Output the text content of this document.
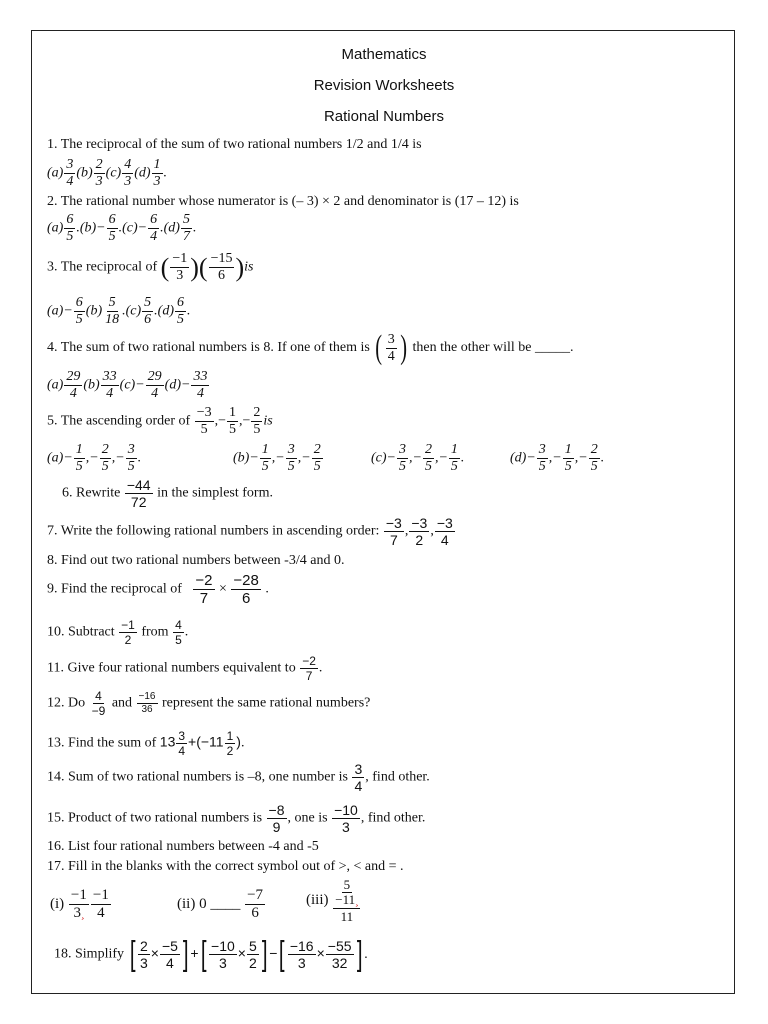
Mathematics
Revision Worksheets
Rational Numbers
1. The reciprocal of the sum of two rational numbers 1/2 and 1/4 is
$(a) \frac{3}{4} (b) \frac{2}{3} (c) \frac{4}{3} (d) \frac{1}{3}$ .
2. The rational number whose numerator is (– 3) × 2 and denominator is (17 – 12) is
$(a) \frac{6}{5} .(b)- \frac{6}{5} .(c)- \frac{6}{4} .(d) \frac{5}{7}$ .
3. The reciprocal of ( $\frac{-1}{3}$ )( $\frac{-15}{6} )is$
$(a)- \frac{6}{5} (b) \frac{5}{18} .(c) \frac{5}{6} .(d) \frac{6}{5}$ .
4. The sum of two rational numbers is 8. If one of them is ( $\frac{3}{4}$ ) then the other will be _____.
$(a) \frac{29}{4} (b) \frac{33}{4} (c)- \frac{29}{4} (d)- \frac{33}{4}$
5. The ascending order of $\frac{-3}{5}$ ,− $\frac{1}{5}$ ,− $\frac{2}{5}$ is
$(a)- \frac{1}{5}$ ,− $\frac{2}{5}$ ,− $\frac{3}{5}$ .	$(b)- \frac{1}{5}$ ,− $\frac{3}{5}$ ,− $\frac{2}{5}$	$(c)- \frac{3}{5}$ ,− $\frac{2}{5}$ ,− $\frac{1}{5}$ .	$(d)- \frac{3}{5}$ ,− $\frac{1}{5}$ ,− $\frac{2}{5}$ .
6. Rewrite $\frac{-44}{72}$ in the simplest form.
7. Write the following rational numbers in ascending order: $\frac{-3}{7}$ , $\frac{-3}{2}$ , $\frac{-3}{4}$
8. Find out two rational numbers between -3/4 and 0.
9. Find the reciprocal of $\frac{-2}{7} \times \frac{-28}{6}$ .
10. Subtract $\frac{-1}{2}$ from $\frac{4}{5}$ .
11. Give four rational numbers equivalent to $\frac{-2}{7}$ .
12. Do $\frac{4}{-9}$ and $\frac{-16}{36}$ represent the same rational numbers?
13. Find the sum of $13 \frac{3}{4} +(-11 \frac{1}{2}$ ).
14. Sum of two rational numbers is –8, one number is $\frac{3}{4}$ , find other.
15. Product of two rational numbers is $\frac{-8}{9}$ , one is $\frac{-10}{3}$ , find other.
16. List four rational numbers between -4 and -5
17. Fill in the blanks with the correct symbol out of >, < and = .
$(i) \frac{-1}{3¸} \frac{-1}{4}$	(ii) 0 ____ $\frac{-7}{6}$	(iii)
5
−11¸
11
18. Simplify [ $\frac{2}{3} \times \frac{-5}{4}$ ] +[ $\frac{-10}{3} \times \frac{5}{2}$ ] −[ $\frac{-16}{3} \times \frac{-55}{32}$ ] .
